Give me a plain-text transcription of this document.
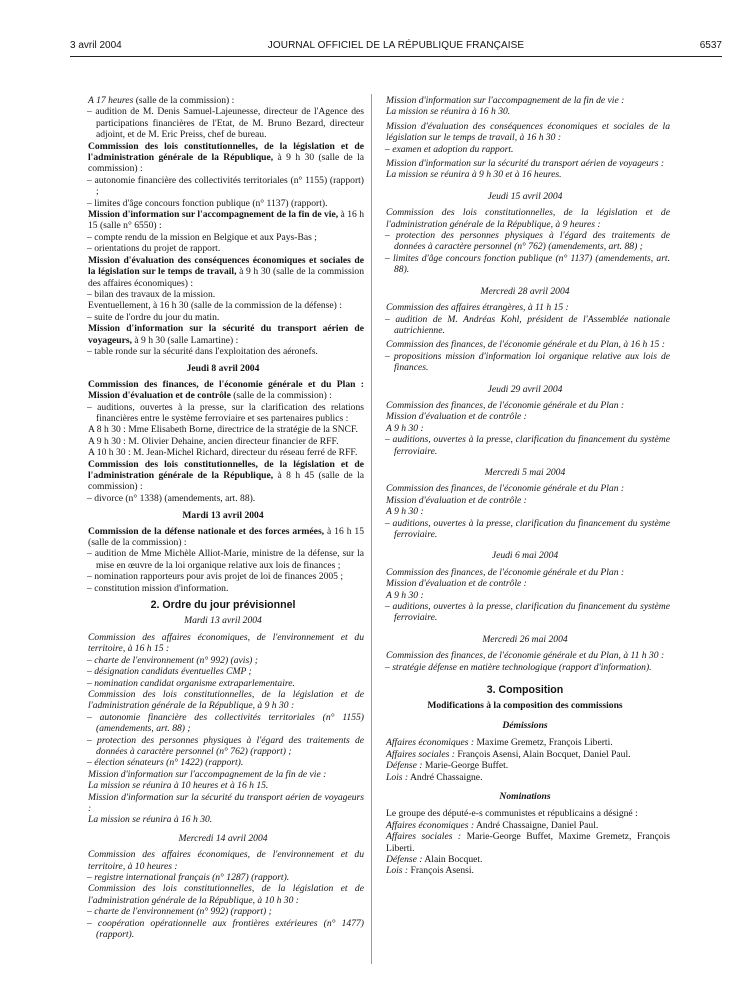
3 avril 2004	JOURNAL OFFICIEL DE LA RÉPUBLIQUE FRANÇAISE	6537
A 17 heures (salle de la commission) :
– audition de M. Denis Samuel-Lajeunesse, directeur de l'Agence des participations financières de l'Etat, de M. Bruno Bezard, directeur adjoint, et de M. Eric Preiss, chef de bureau.
Commission des lois constitutionnelles, de la législation et de l'administration générale de la République, à 9 h 30 (salle de la commission) :
– autonomie financière des collectivités territoriales (n° 1155) (rapport) ;
– limites d'âge concours fonction publique (n° 1137) (rapport).
Mission d'information sur l'accompagnement de la fin de vie, à 16 h 15 (salle n° 6550) :
– compte rendu de la mission en Belgique et aux Pays-Bas ;
– orientations du projet de rapport.
Mission d'évaluation des conséquences économiques et sociales de la législation sur le temps de travail, à 9 h 30 (salle de la commission des affaires économiques) :
– bilan des travaux de la mission.
Eventuellement, à 16 h 30 (salle de la commission de la défense) :
– suite de l'ordre du jour du matin.
Mission d'information sur la sécurité du transport aérien de voyageurs, à 9 h 30 (salle Lamartine) :
– table ronde sur la sécurité dans l'exploitation des aéronefs.
Jeudi 8 avril 2004
Commission des finances, de l'économie générale et du Plan : Mission d'évaluation et de contrôle (salle de la commission) :
– auditions, ouvertes à la presse, sur la clarification des relations financières entre le système ferroviaire et ses partenaires publics :
A 8 h 30 : Mme Elisabeth Borne, directrice de la stratégie de la SNCF.
A 9 h 30 : M. Olivier Dehaine, ancien directeur financier de RFF.
A 10 h 30 : M. Jean-Michel Richard, directeur du réseau ferré de RFF.
Commission des lois constitutionnelles, de la législation et de l'administration générale de la République, à 8 h 45 (salle de la commission) :
– divorce (n° 1338) (amendements, art. 88).
Mardi 13 avril 2004
Commission de la défense nationale et des forces armées, à 16 h 15 (salle de la commission) :
– audition de Mme Michèle Alliot-Marie, ministre de la défense, sur la mise en œuvre de la loi organique relative aux lois de finances ;
– nomination rapporteurs pour avis projet de loi de finances 2005 ;
– constitution mission d'information.
2. Ordre du jour prévisionnel
Mardi 13 avril 2004
Commission des affaires économiques, de l'environnement et du territoire, à 16 h 15 :
– charte de l'environnement (n° 992) (avis) ;
– désignation candidats éventuelles CMP ;
– nomination candidat organisme extraparlementaire.
Commission des lois constitutionnelles, de la législation et de l'administration générale de la République, à 9 h 30 :
– autonomie financière des collectivités territoriales (n° 1155) (amendements, art. 88) ;
– protection des personnes physiques à l'égard des traitements de données à caractère personnel (n° 762) (rapport) ;
– élection sénateurs (n° 1422) (rapport).
Mission d'information sur l'accompagnement de la fin de vie :
La mission se réunira à 10 heures et à 16 h 15.
Mission d'information sur la sécurité du transport aérien de voyageurs :
La mission se réunira à 16 h 30.
Mercredi 14 avril 2004
Commission des affaires économiques, de l'environnement et du territoire, à 10 heures :
– registre international français (n° 1287) (rapport).
Commission des lois constitutionnelles, de la législation et de l'administration générale de la République, à 10 h 30 :
– charte de l'environnement (n° 992) (rapport) ;
– coopération opérationnelle aux frontières extérieures (n° 1477) (rapport).
Mission d'information sur l'accompagnement de la fin de vie :
La mission se réunira à 16 h 30.
Mission d'évaluation des conséquences économiques et sociales de la législation sur le temps de travail, à 16 h 30 :
– examen et adoption du rapport.
Mission d'information sur la sécurité du transport aérien de voyageurs :
La mission se réunira à 9 h 30 et à 16 heures.
Jeudi 15 avril 2004
Commission des lois constitutionnelles, de la législation et de l'administration générale de la République, à 9 heures :
– protection des personnes physiques à l'égard des traitements de données à caractère personnel (n° 762) (amendements, art. 88) ;
– limites d'âge concours fonction publique (n° 1137) (amendements, art. 88).
Mercredi 28 avril 2004
Commission des affaires étrangères, à 11 h 15 :
– audition de M. Andréas Kohl, président de l'Assemblée nationale autrichienne.
Commission des finances, de l'économie générale et du Plan, à 16 h 15 :
– propositions mission d'information loi organique relative aux lois de finances.
Jeudi 29 avril 2004
Commission des finances, de l'économie générale et du Plan :
Mission d'évaluation et de contrôle :
A 9 h 30 :
– auditions, ouvertes à la presse, clarification du financement du système ferroviaire.
Mercredi 5 mai 2004
Commission des finances, de l'économie générale et du Plan :
Mission d'évaluation et de contrôle :
A 9 h 30 :
– auditions, ouvertes à la presse, clarification du financement du système ferroviaire.
Jeudi 6 mai 2004
Commission des finances, de l'économie générale et du Plan :
Mission d'évaluation et de contrôle :
A 9 h 30 :
– auditions, ouvertes à la presse, clarification du financement du système ferroviaire.
Mercredi 26 mai 2004
Commission des finances, de l'économie générale et du Plan, à 11 h 30 :
– stratégie défense en matière technologique (rapport d'information).
3. Composition
Modifications à la composition des commissions
Démissions
Affaires économiques : Maxime Gremetz, François Liberti.
Affaires sociales : François Asensi, Alain Bocquet, Daniel Paul.
Défense : Marie-George Buffet.
Lois : André Chassaigne.
Nominations
Le groupe des député-e-s communistes et républicains a désigné :
Affaires économiques : André Chassaigne, Daniel Paul.
Affaires sociales : Marie-George Buffet, Maxime Gremetz, François Liberti.
Défense : Alain Bocquet.
Lois : François Asensi.
